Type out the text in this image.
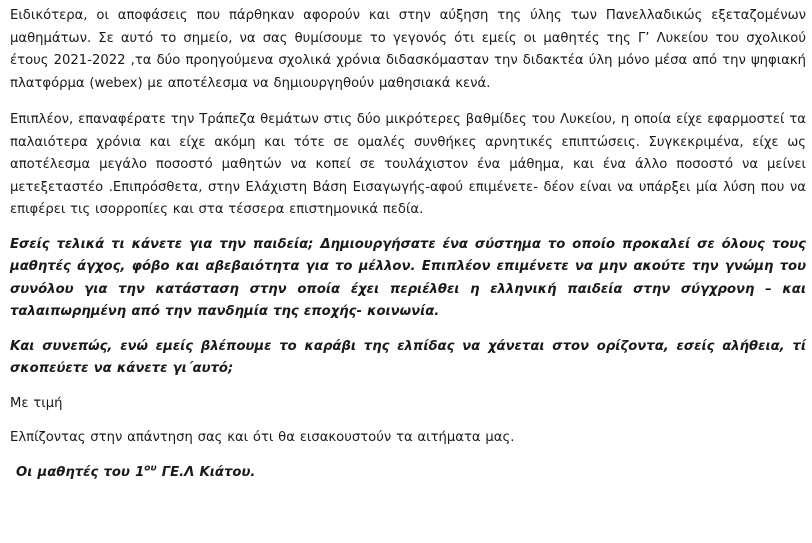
Ειδικότερα, οι αποφάσεις που πάρθηκαν αφορούν και στην αύξηση της ύλης των Πανελλαδικώς εξεταζομένων μαθημάτων. Σε αυτό το σημείο, να σας θυμίσουμε το γεγονός ότι εμείς οι μαθητές της Γ’ Λυκείου του σχολικού έτους 2021-2022 ,τα δύο προηγούμενα σχολικά χρόνια διδασκόμασταν την διδακτέα ύλη μόνο μέσα από την ψηφιακή πλατφόρμα (webex) με αποτέλεσμα να δημιουργηθούν μαθησιακά κενά.

Επιπλέον, επαναφέρατε την Τράπεζα θεμάτων στις δύο μικρότερες βαθμίδες του Λυκείου, η οποία είχε εφαρμοστεί τα παλαιότερα χρόνια και είχε ακόμη και τότε σε ομαλές συνθήκες αρνητικές επιπτώσεις. Συγκεκριμένα, είχε ως αποτέλεσμα μεγάλο ποσοστό μαθητών να κοπεί σε τουλάχιστον ένα μάθημα, και ένα άλλο ποσοστό να μείνει μετεξεταστέο .Επιπρόσθετα, στην Ελάχιστη Βάση Εισαγωγής-αφού επιμένετε- δέον είναι να υπάρξει μία λύση που να επιφέρει τις ισορροπίες και στα τέσσερα επιστημονικά πεδία.

Εσείς τελικά τι κάνετε για την παιδεία; Δημιουργήσατε ένα σύστημα το οποίο προκαλεί σε όλους τους μαθητές άγχος, φόβο και αβεβαιότητα για το μέλλον. Επιπλέον επιμένετε να μην ακούτε την γνώμη του συνόλου για την κατάσταση στην οποία έχει περιέλθει η ελληνική παιδεία στην σύγχρονη – και ταλαιπωρημένη από την πανδημία της εποχής- κοινωνία.

Και συνεπώς, ενώ εμείς βλέπουμε το καράβι της ελπίδας να χάνεται στον ορίζοντα, εσείς αλήθεια, τί σκοπεύετε να κάνετε γι΄αυτό;

Με τιμή

Ελπίζοντας στην απάντηση σας και ότι θα εισακουστούν τα αιτήματα μας.

Οι μαθητές του $1^{o\upsilon}$ ΓΕ.Λ Κιάτου.
